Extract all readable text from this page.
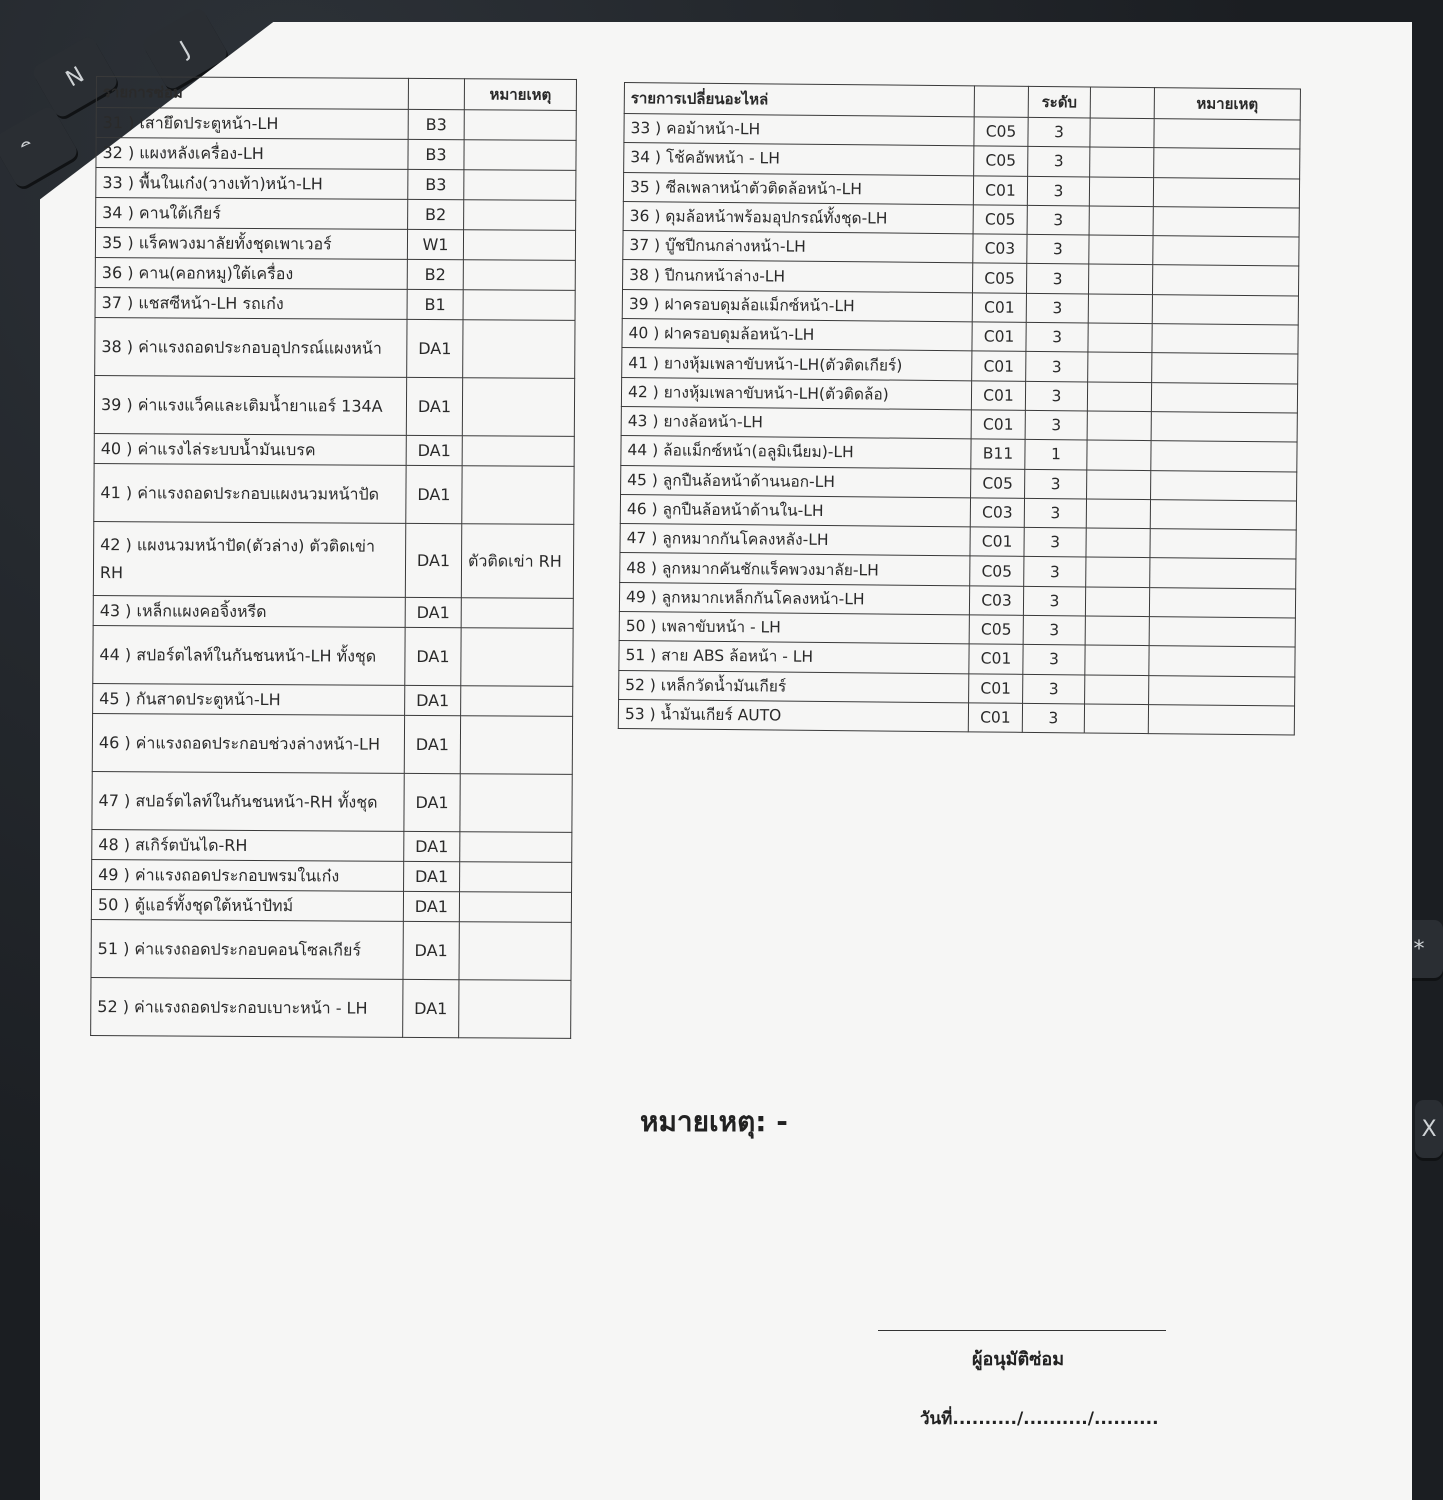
N
J
ิ
*
X
รายการซ่อม		หมายเหตุ
31 ) เสายึดประตูหน้า-LH	B3	
32 ) แผงหลังเครื่อง-LH	B3	
33 ) พื้นในเก๋ง(วางเท้า)หน้า-LH	B3	
34 ) คานใต้เกียร์	B2	
35 ) แร็คพวงมาลัยทั้งชุดเพาเวอร์	W1	
36 ) คาน(คอกหมู)ใต้เครื่อง	B2	
37 ) แชสซีหน้า-LH รถเก๋ง	B1	
38 ) ค่าแรงถอดประกอบอุปกรณ์แผงหน้า	DA1	
39 ) ค่าแรงแว็คและเติมน้ำยาแอร์ 134A	DA1	
40 ) ค่าแรงไล่ระบบน้ำมันเบรค	DA1	
41 ) ค่าแรงถอดประกอบแผงนวมหน้าปัด	DA1	
42 ) แผงนวมหน้าปัด(ตัวล่าง) ตัวติดเข่า RH	DA1	ตัวติดเข่า RH
43 ) เหล็กแผงคอจิ้งหรีด	DA1	
44 ) สปอร์ตไลท์ในกันชนหน้า-LH ทั้งชุด	DA1	
45 ) กันสาดประตูหน้า-LH	DA1	
46 ) ค่าแรงถอดประกอบช่วงล่างหน้า-LH	DA1	
47 ) สปอร์ตไลท์ในกันชนหน้า-RH ทั้งชุด	DA1	
48 ) สเกิร์ตบันได-RH	DA1	
49 ) ค่าแรงถอดประกอบพรมในเก๋ง	DA1	
50 ) ตู้แอร์ทั้งชุดใต้หน้าปัทม์	DA1	
51 ) ค่าแรงถอดประกอบคอนโซลเกียร์	DA1	
52 ) ค่าแรงถอดประกอบเบาะหน้า - LH	DA1	
รายการเปลี่ยนอะไหล่		ระดับ		หมายเหตุ
33 ) คอม้าหน้า-LH	C05	3		
34 ) โช้คอัพหน้า - LH	C05	3		
35 ) ซีลเพลาหน้าตัวติดล้อหน้า-LH	C01	3		
36 ) ดุมล้อหน้าพร้อมอุปกรณ์ทั้งชุด-LH	C05	3		
37 ) บู๊ชปีกนกล่างหน้า-LH	C03	3		
38 ) ปีกนกหน้าล่าง-LH	C05	3		
39 ) ฝาครอบดุมล้อแม็กซ์หน้า-LH	C01	3		
40 ) ฝาครอบดุมล้อหน้า-LH	C01	3		
41 ) ยางหุ้มเพลาขับหน้า-LH(ตัวติดเกียร์)	C01	3		
42 ) ยางหุ้มเพลาขับหน้า-LH(ตัวติดล้อ)	C01	3		
43 ) ยางล้อหน้า-LH	C01	3		
44 ) ล้อแม็กซ์หน้า(อลูมิเนียม)-LH	B11	1		
45 ) ลูกปืนล้อหน้าด้านนอก-LH	C05	3		
46 ) ลูกปืนล้อหน้าด้านใน-LH	C03	3		
47 ) ลูกหมากกันโคลงหลัง-LH	C01	3		
48 ) ลูกหมากคันชักแร็คพวงมาลัย-LH	C05	3		
49 ) ลูกหมากเหล็กกันโคลงหน้า-LH	C03	3		
50 ) เพลาขับหน้า - LH	C05	3		
51 ) สาย ABS ล้อหน้า - LH	C01	3		
52 ) เหล็กวัดน้ำมันเกียร์	C01	3		
53 ) น้ำมันเกียร์ AUTO	C01	3		
หมายเหตุ: -
ผู้อนุมัติซ่อม
วันที่........../........../..........
